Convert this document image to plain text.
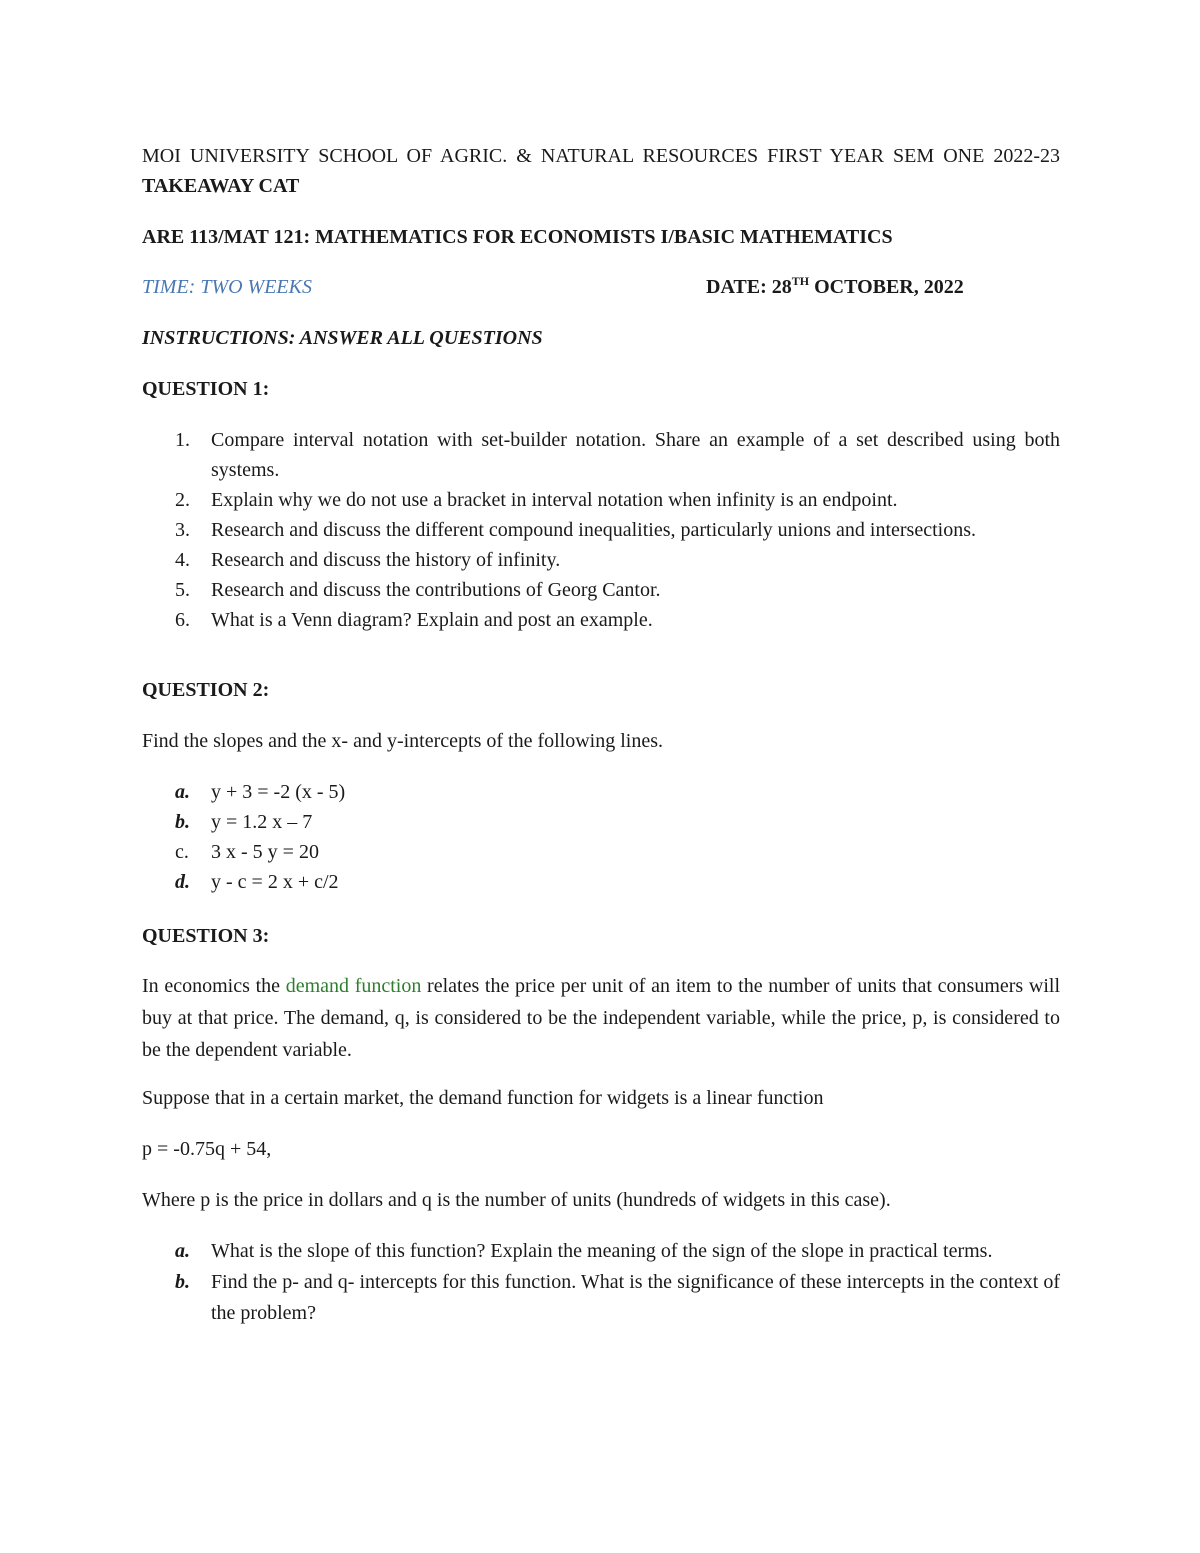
MOI UNIVERSITY SCHOOL OF AGRIC. & NATURAL RESOURCES FIRST YEAR SEM ONE 2022-23 TAKEAWAY CAT
ARE 113/MAT 121: MATHEMATICS FOR ECONOMISTS I/BASIC MATHEMATICS
TIME: TWO WEEKS	DATE: 28TH OCTOBER, 2022
INSTRUCTIONS: ANSWER ALL QUESTIONS
QUESTION 1:
1. Compare interval notation with set-builder notation. Share an example of a set described using both systems.
2. Explain why we do not use a bracket in interval notation when infinity is an endpoint.
3. Research and discuss the different compound inequalities, particularly unions and intersections.
4. Research and discuss the history of infinity.
5. Research and discuss the contributions of Georg Cantor.
6. What is a Venn diagram? Explain and post an example.
QUESTION 2:
Find the slopes and the x- and y-intercepts of the following lines.
a. y + 3 = -2 (x - 5)
b. y = 1.2 x – 7
c. 3 x - 5 y = 20
d. y - c = 2 x + c/2
QUESTION 3:
In economics the demand function relates the price per unit of an item to the number of units that consumers will buy at that price. The demand, q, is considered to be the independent variable, while the price, p, is considered to be the dependent variable.
Suppose that in a certain market, the demand function for widgets is a linear function
p = -0.75q + 54,
Where p is the price in dollars and q is the number of units (hundreds of widgets in this case).
a. What is the slope of this function? Explain the meaning of the sign of the slope in practical terms.
b. Find the p- and q- intercepts for this function. What is the significance of these intercepts in the context of the problem?
